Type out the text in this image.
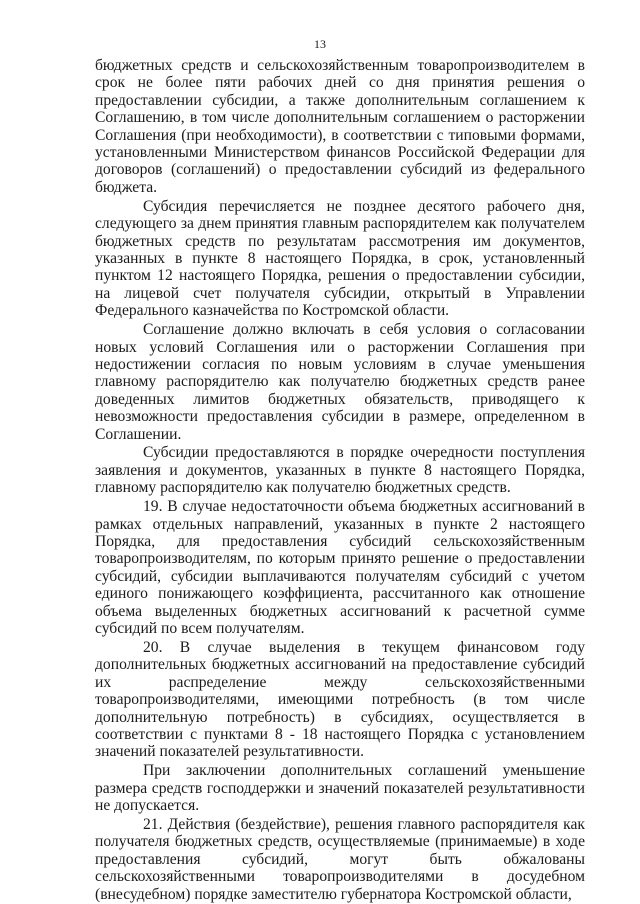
13

бюджетных средств и сельскохозяйственным товаропроизводителем в срок не более пяти рабочих дней со дня принятия решения о предоставлении субсидии, а также дополнительным соглашением к Соглашению, в том числе дополнительным соглашением о расторжении Соглашения (при необходимости), в соответствии с типовыми формами, установленными Министерством финансов Российской Федерации для договоров (соглашений) о предоставлении субсидий из федерального бюджета.

Субсидия перечисляется не позднее десятого рабочего дня, следующего за днем принятия главным распорядителем как получателем бюджетных средств по результатам рассмотрения им документов, указанных в пункте 8 настоящего Порядка, в срок, установленный пунктом 12 настоящего Порядка, решения о предоставлении субсидии, на лицевой счет получателя субсидии, открытый в Управлении Федерального казначейства по Костромской области.

Соглашение должно включать в себя условия о согласовании новых условий Соглашения или о расторжении Соглашения при недостижении согласия по новым условиям в случае уменьшения главному распорядителю как получателю бюджетных средств ранее доведенных лимитов бюджетных обязательств, приводящего к невозможности предоставления субсидии в размере, определенном в Соглашении.

Субсидии предоставляются в порядке очередности поступления заявления и документов, указанных в пункте 8 настоящего Порядка, главному распорядителю как получателю бюджетных средств.

19. В случае недостаточности объема бюджетных ассигнований в рамках отдельных направлений, указанных в пункте 2 настоящего Порядка, для предоставления субсидий сельскохозяйственным товаропроизводителям, по которым принято решение о предоставлении субсидий, субсидии выплачиваются получателям субсидий с учетом единого понижающего коэффициента, рассчитанного как отношение объема выделенных бюджетных ассигнований к расчетной сумме субсидий по всем получателям.

20. В случае выделения в текущем финансовом году дополнительных бюджетных ассигнований на предоставление субсидий их распределение между сельскохозяйственными товаропроизводителями, имеющими потребность (в том числе дополнительную потребность) в субсидиях, осуществляется в соответствии с пунктами 8 - 18 настоящего Порядка с установлением значений показателей результативности.

При заключении дополнительных соглашений уменьшение размера средств господдержки и значений показателей результативности не допускается.

21. Действия (бездействие), решения главного распорядителя как получателя бюджетных средств, осуществляемые (принимаемые) в ходе предоставления субсидий, могут быть обжалованы сельскохозяйственными товаропроизводителями в досудебном (внесудебном) порядке заместителю губернатора Костромской области,
